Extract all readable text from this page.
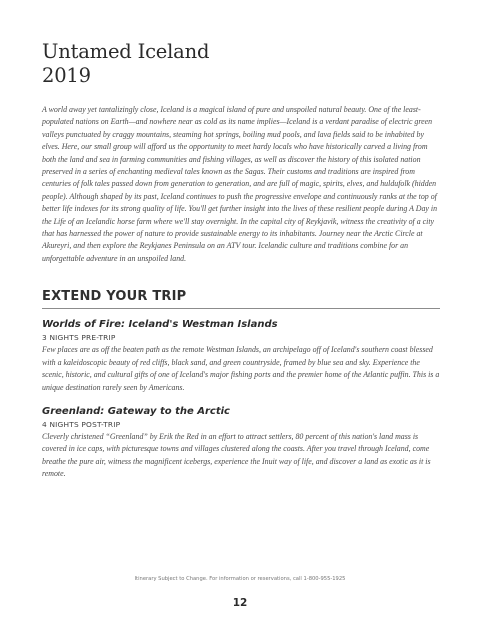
Untamed Iceland
2019

A world away yet tantalizingly close, Iceland is a magical island of pure and unspoiled natural beauty. One of the least-populated nations on Earth—and nowhere near as cold as its name implies—Iceland is a verdant paradise of electric green valleys punctuated by craggy mountains, steaming hot springs, boiling mud pools, and lava fields said to be inhabited by elves. Here, our small group will afford us the opportunity to meet hardy locals who have historically carved a living from both the land and sea in farming communities and fishing villages, as well as discover the history of this isolated nation preserved in a series of enchanting medieval tales known as the Sagas. Their customs and traditions are inspired from centuries of folk tales passed down from generation to generation, and are full of magic, spirits, elves, and huldufolk (hidden people). Although shaped by its past, Iceland continues to push the progressive envelope and continuously ranks at the top of better life indexes for its strong quality of life. You'll get further insight into the lives of these resilient people during A Day in the Life of an Icelandic horse farm where we'll stay overnight. In the capital city of Reykjavik, witness the creativity of a city that has harnessed the power of nature to provide sustainable energy to its inhabitants. Journey near the Arctic Circle at Akureyri, and then explore the Reykjanes Peninsula on an ATV tour. Icelandic culture and traditions combine for an unforgettable adventure in an unspoiled land.

EXTEND YOUR TRIP
Worlds of Fire: Iceland's Westman Islands
3 NIGHTS PRE-TRIP

Few places are as off the beaten path as the remote Westman Islands, an archipelago off of Iceland's southern coast blessed with a kaleidoscopic beauty of red cliffs, black sand, and green countryside, framed by blue sea and sky. Experience the scenic, historic, and cultural gifts of one of Iceland's major fishing ports and the premier home of the Atlantic puffin. This is a unique destination rarely seen by Americans.

Greenland: Gateway to the Arctic
4 NIGHTS POST-TRIP

Cleverly christened “Greenland” by Erik the Red in an effort to attract settlers, 80 percent of this nation's land mass is covered in ice caps, with picturesque towns and villages clustered along the coasts. After you travel through Iceland, come breathe the pure air, witness the magnificent icebergs, experience the Inuit way of life, and discover a land as exotic as it is remote.

Itinerary Subject to Change. For information or reservations, call 1-800-955-1925
12
